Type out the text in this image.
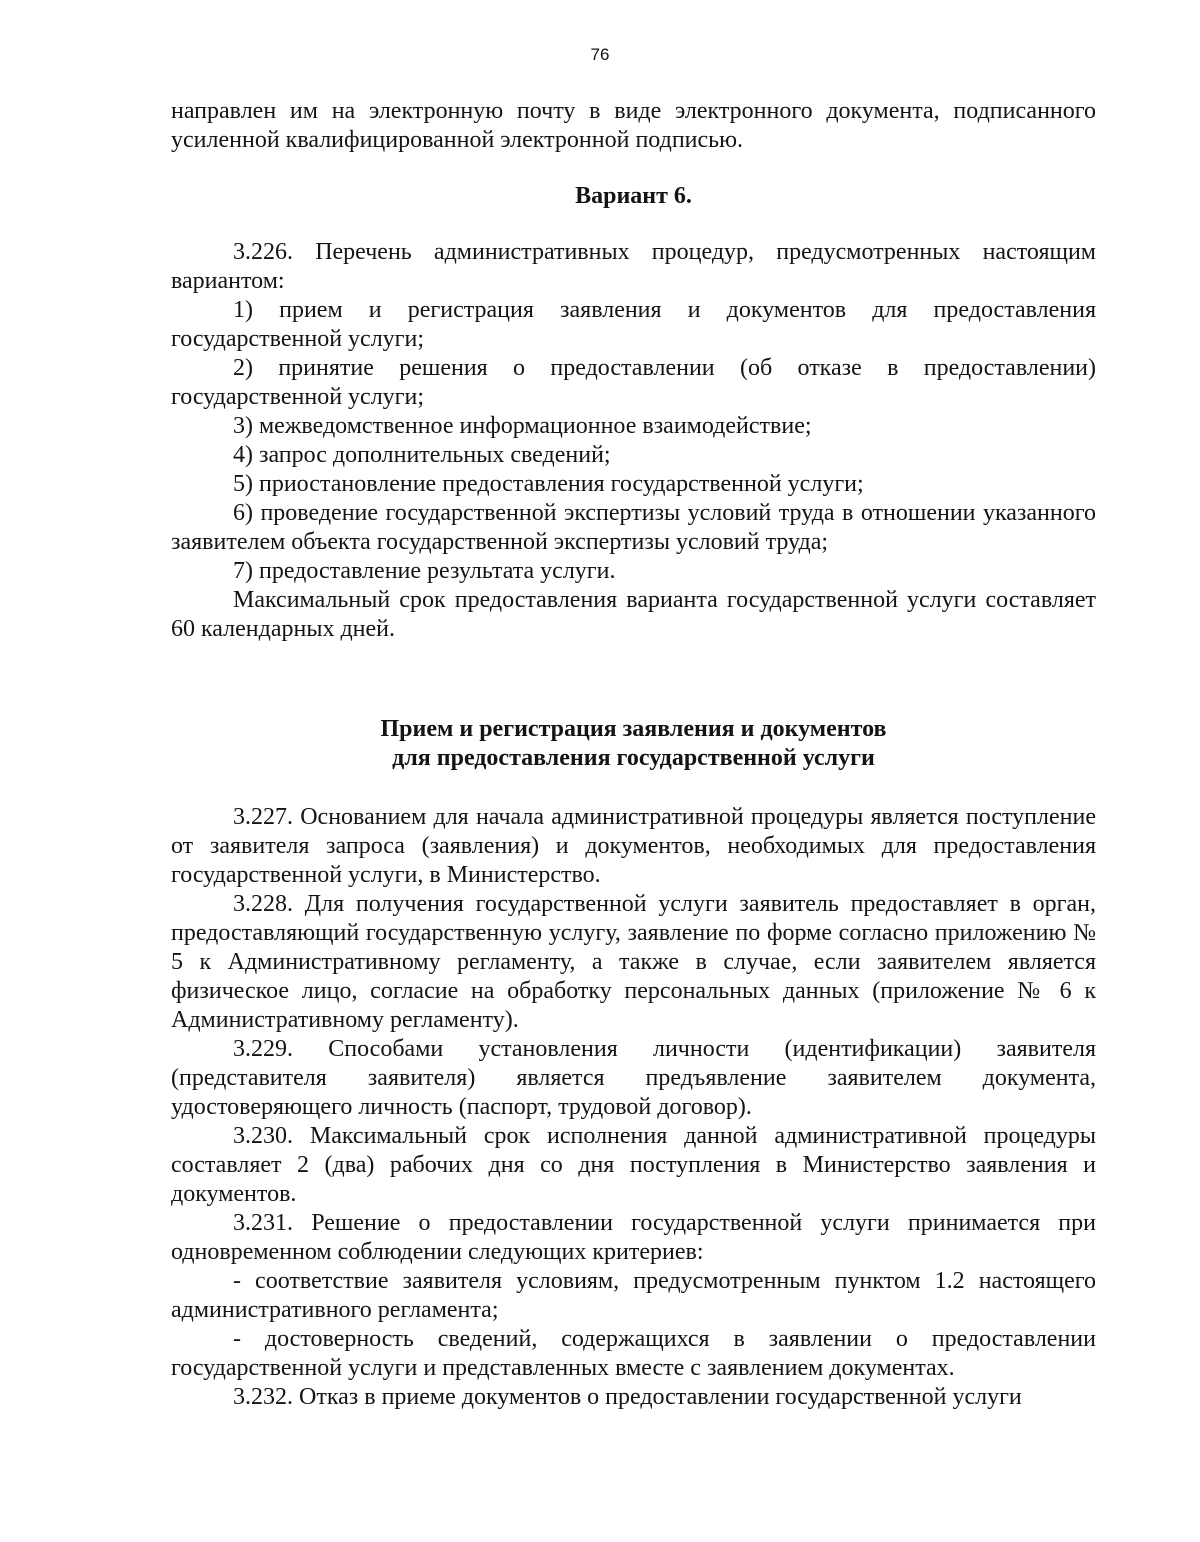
76

направлен им на электронную почту в виде электронного документа, подписанного усиленной квалифицированной электронной подписью.

Вариант 6.

3.226. Перечень административных процедур, предусмотренных настоящим вариантом:

1) прием и регистрация заявления и документов для предоставления государственной услуги;

2) принятие решения о предоставлении (об отказе в предоставлении) государственной услуги;

3) межведомственное информационное взаимодействие;

4) запрос дополнительных сведений;

5) приостановление предоставления государственной услуги;

6) проведение государственной экспертизы условий труда в отношении указанного заявителем объекта государственной экспертизы условий труда;

7) предоставление результата услуги.

Максимальный срок предоставления варианта государственной услуги составляет 60 календарных дней.

Прием и регистрация заявления и документов
для предоставления государственной услуги

3.227. Основанием для начала административной процедуры является поступление от заявителя запроса (заявления) и документов, необходимых для предоставления государственной услуги, в Министерство.

3.228. Для получения государственной услуги заявитель предоставляет в орган, предоставляющий государственную услугу, заявление по форме согласно приложению № 5 к Административному регламенту, а также в случае, если заявителем является физическое лицо, согласие на обработку персональных данных (приложение № 6 к Административному регламенту).

3.229. Способами установления личности (идентификации) заявителя (представителя заявителя) является предъявление заявителем документа, удостоверяющего личность (паспорт, трудовой договор).

3.230. Максимальный срок исполнения данной административной процедуры составляет 2 (два) рабочих дня со дня поступления в Министерство заявления и документов.

3.231. Решение о предоставлении государственной услуги принимается при одновременном соблюдении следующих критериев:

- соответствие заявителя условиям, предусмотренным пунктом 1.2 настоящего административного регламента;

- достоверность сведений, содержащихся в заявлении о предоставлении государственной услуги и представленных вместе с заявлением документах.

3.232. Отказ в приеме документов о предоставлении государственной услуги
